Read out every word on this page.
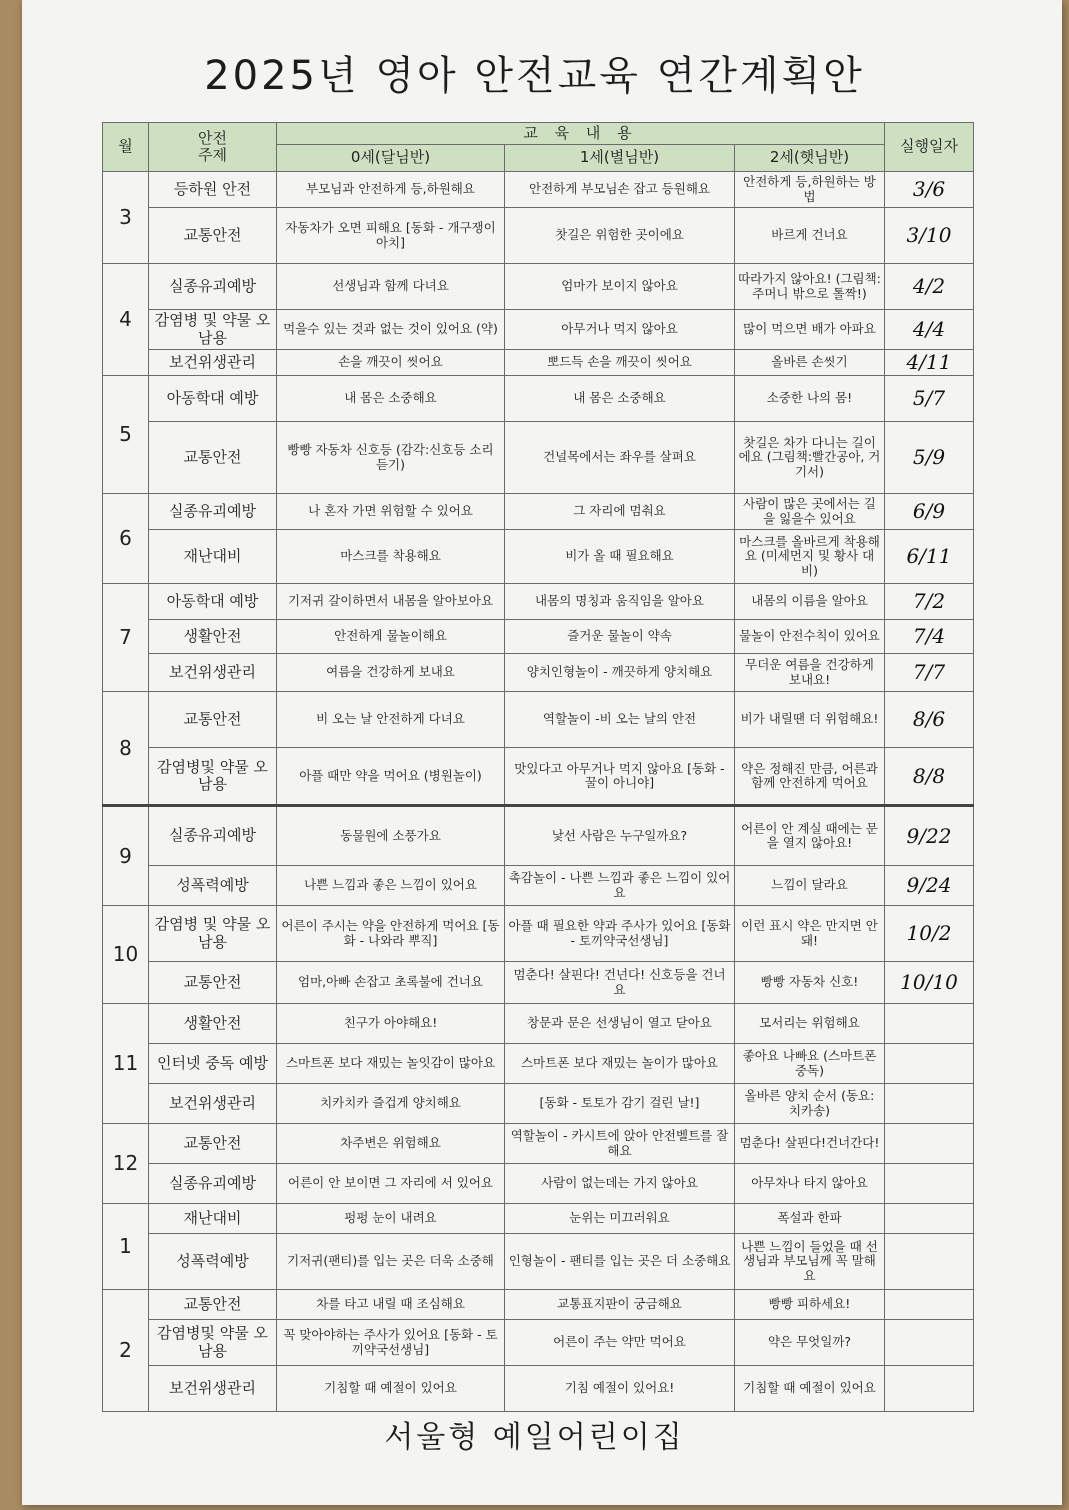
2025년 영아 안전교육 연간계획안
월	안전
주제	교 육 내 용			실행일자
		0세(달님반)	1세(별님반)	2세(햇님반)	
3	등하원 안전	부모님과 안전하게 등,하원해요	안전하게 부모님손 잡고 등원해요	안전하게 등,하원하는 방법	3/6
	교통안전	자동차가 오면 피해요 [동화 - 개구쟁이 아치]	찻길은 위험한 곳이에요	바르게 건너요	3/10
4	실종유괴예방	선생님과 함께 다녀요	엄마가 보이지 않아요	따라가지 않아요! (그림책:주머니 밖으로 톨짝!)	4/2
	감염병 및 약물 오남용	먹을수 있는 것과 없는 것이 있어요 (약)	아무거나 먹지 않아요	많이 먹으면 배가 아파요	4/4
	보건위생관리	손을 깨끗이 씻어요	뽀드득 손을 깨끗이 씻어요	올바른 손씻기	4/11
5	아동학대 예방	내 몸은 소중해요	내 몸은 소중해요	소중한 나의 몸!	5/7
	교통안전	빵빵 자동차 신호등 (감각:신호등 소리 듣기)	건널목에서는 좌우를 살펴요	찻길은 차가 다니는 길이에요 (그림책:빨간공아, 거기서)	5/9
6	실종유괴예방	나 혼자 가면 위험할 수 있어요	그 자리에 멈춰요	사람이 많은 곳에서는 길을 잃을수 있어요	6/9
	재난대비	마스크를 착용해요	비가 올 때 필요해요	마스크를 올바르게 착용해요 (미세먼지 및 황사 대비)	6/11
7	아동학대 예방	기저귀 갈이하면서 내몸을 알아보아요	내몸의 명칭과 움직임을 알아요	내몸의 이름을 알아요	7/2
	생활안전	안전하게 물놀이해요	즐거운 물놀이 약속	물놀이 안전수칙이 있어요	7/4
	보건위생관리	여름을 건강하게 보내요	양치인형놀이 - 깨끗하게 양치해요	무더운 여름을 건강하게 보내요!	7/7
8	교통안전	비 오는 날 안전하게 다녀요	역할놀이 -비 오는 날의 안전	비가 내릴땐 더 위험해요!	8/6
	감염병및 약물 오남용	아플 때만 약을 먹어요 (병원놀이)	맛있다고 아무거나 먹지 않아요 [동화 - 꿀이 아니야]	약은 정해진 만큼, 어른과 함께 안전하게 먹어요	8/8
9	실종유괴예방	동물원에 소풍가요	낯선 사람은 누구일까요?	어른이 안 계실 때에는 문을 열지 않아요!	9/22
	성폭력예방	나쁜 느낌과 좋은 느낌이 있어요	촉감놀이 - 나쁜 느낌과 좋은 느낌이 있어요	느낌이 달라요	9/24
10	감염병 및 약물 오남용	어른이 주시는 약을 안전하게 먹어요 [동화 - 나와라 뿌직]	아플 때 필요한 약과 주사가 있어요 [동화 - 토끼약국선생님]	이런 표시 약은 만지면 안 돼!	10/2
	교통안전	엄마,아빠 손잡고 초록불에 건너요	멈춘다! 살핀다! 건넌다! 신호등을 건너요	빵빵 자동차 신호!	10/10
11	생활안전	친구가 아야해요!	창문과 문은 선생님이 열고 닫아요	모서리는 위험해요	
	인터넷 중독 예방	스마트폰 보다 재밌는 놀잇감이 많아요	스마트폰 보다 재밌는 놀이가 많아요	좋아요 나빠요 (스마트폰 중독)	
	보건위생관리	치카치카 즐겁게 양치해요	[동화 - 토토가 감기 걸린 날!]	올바른 양치 순서 (동요: 치카송)	
12	교통안전	차주변은 위험해요	역할놀이 - 카시트에 앉아 안전벨트를 잘해요	멈춘다! 살핀다!건너간다!	
	실종유괴예방	어른이 안 보이면 그 자리에 서 있어요	사람이 없는데는 가지 않아요	아무차나 타지 않아요	
1	재난대비	펑펑 눈이 내려요	눈위는 미끄러워요	폭설과 한파	
	성폭력예방	기저귀(팬티)를 입는 곳은 더욱 소중해	인형놀이 - 팬티를 입는 곳은 더 소중해요	나쁜 느낌이 들었을 때 선생님과 부모님께 꼭 말해요	
2	교통안전	차를 타고 내릴 때 조심해요	교통표지판이 궁금해요	빵빵 피하세요!	
	감염병및 약물 오남용	꼭 맞아야하는 주사가 있어요 [동화 - 토끼약국선생님]	어른이 주는 약만 먹어요	약은 무엇일까?	
	보건위생관리	기침할 때 예절이 있어요	기침 예절이 있어요!	기침할 때 예절이 있어요	
서울형 예일어린이집
